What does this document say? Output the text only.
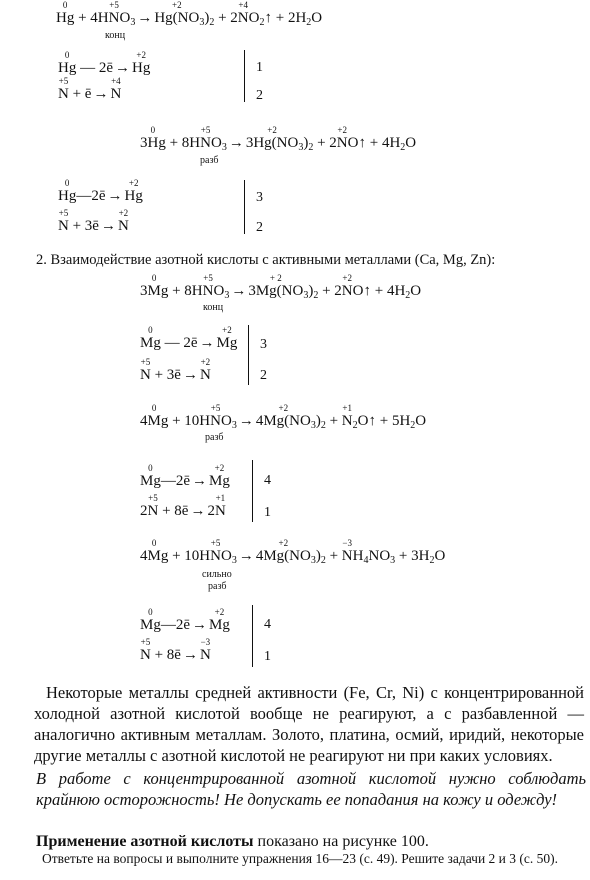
0
Hg + 4H
+5
$NO_3$ →
+2
$Hg(NO_3)_2 + 2$
+4
$NO_2↑ + 2H_2O$
конц
0
Hg — 2ē →
+2
Hg
+5
N + ē →
+4
N
1
2
0
3Hg + 8H
+5
$NO_3$ →
+2
$3Hg(NO_3)_2 + 2$
+2
NO↑ + $4H_2O$
разб
0
Hg—2ē →
+2
Hg
+5
N + 3ē →
+2
N
3
2
2. Взаимодействие азотной кислоты с активными металлами (Ca, Mg, Zn):
0
3Mg + 8H
+5
$NO_3$ →
+ 2
$3Mg(NO_3)_2 + 2$
+2
NO↑ + $4H_2O$
конц
0
Mg — 2ē →
+2
Mg
+5
N + 3ē →
+2
N
3
2
0
4Mg + 10H
+5
$NO_3$ →
+2
$4Mg(NO_3)_2$ +
+1
$N_2O↑ + 5H_2O$
разб
0
Mg—2ē →
+2
Mg
2
+5
N + 8ē → 2
+1
N
4
1
0
4Mg + 10H
+5
$NO_3$ →
+2
$4Mg(NO_3)_2$ +
−3
$NH_4NO_3 + 3H_2O$
сильно
разб
0
Mg—2ē →
+2
Mg
+5
N + 8ē →
−3
N
4
1
Некоторые металлы средней активности (Fe, Cr, Ni) с концентрированной холодной азотной кислотой вообще не реагируют, а с разбавленной — аналогично активным металлам. Золото, платина, осмий, иридий, некоторые другие металлы с азотной кислотой не реагируют ни при каких условиях.
В работе с концентрированной азотной кислотой нужно соблюдать крайнюю осторожность! Не допускать ее попадания на кожу и одежду!
Применение азотной кислоты показано на рисунке 100.
Ответьте на вопросы и выполните упражнения 16—23 (с. 49). Решите задачи 2 и 3 (с. 50).
